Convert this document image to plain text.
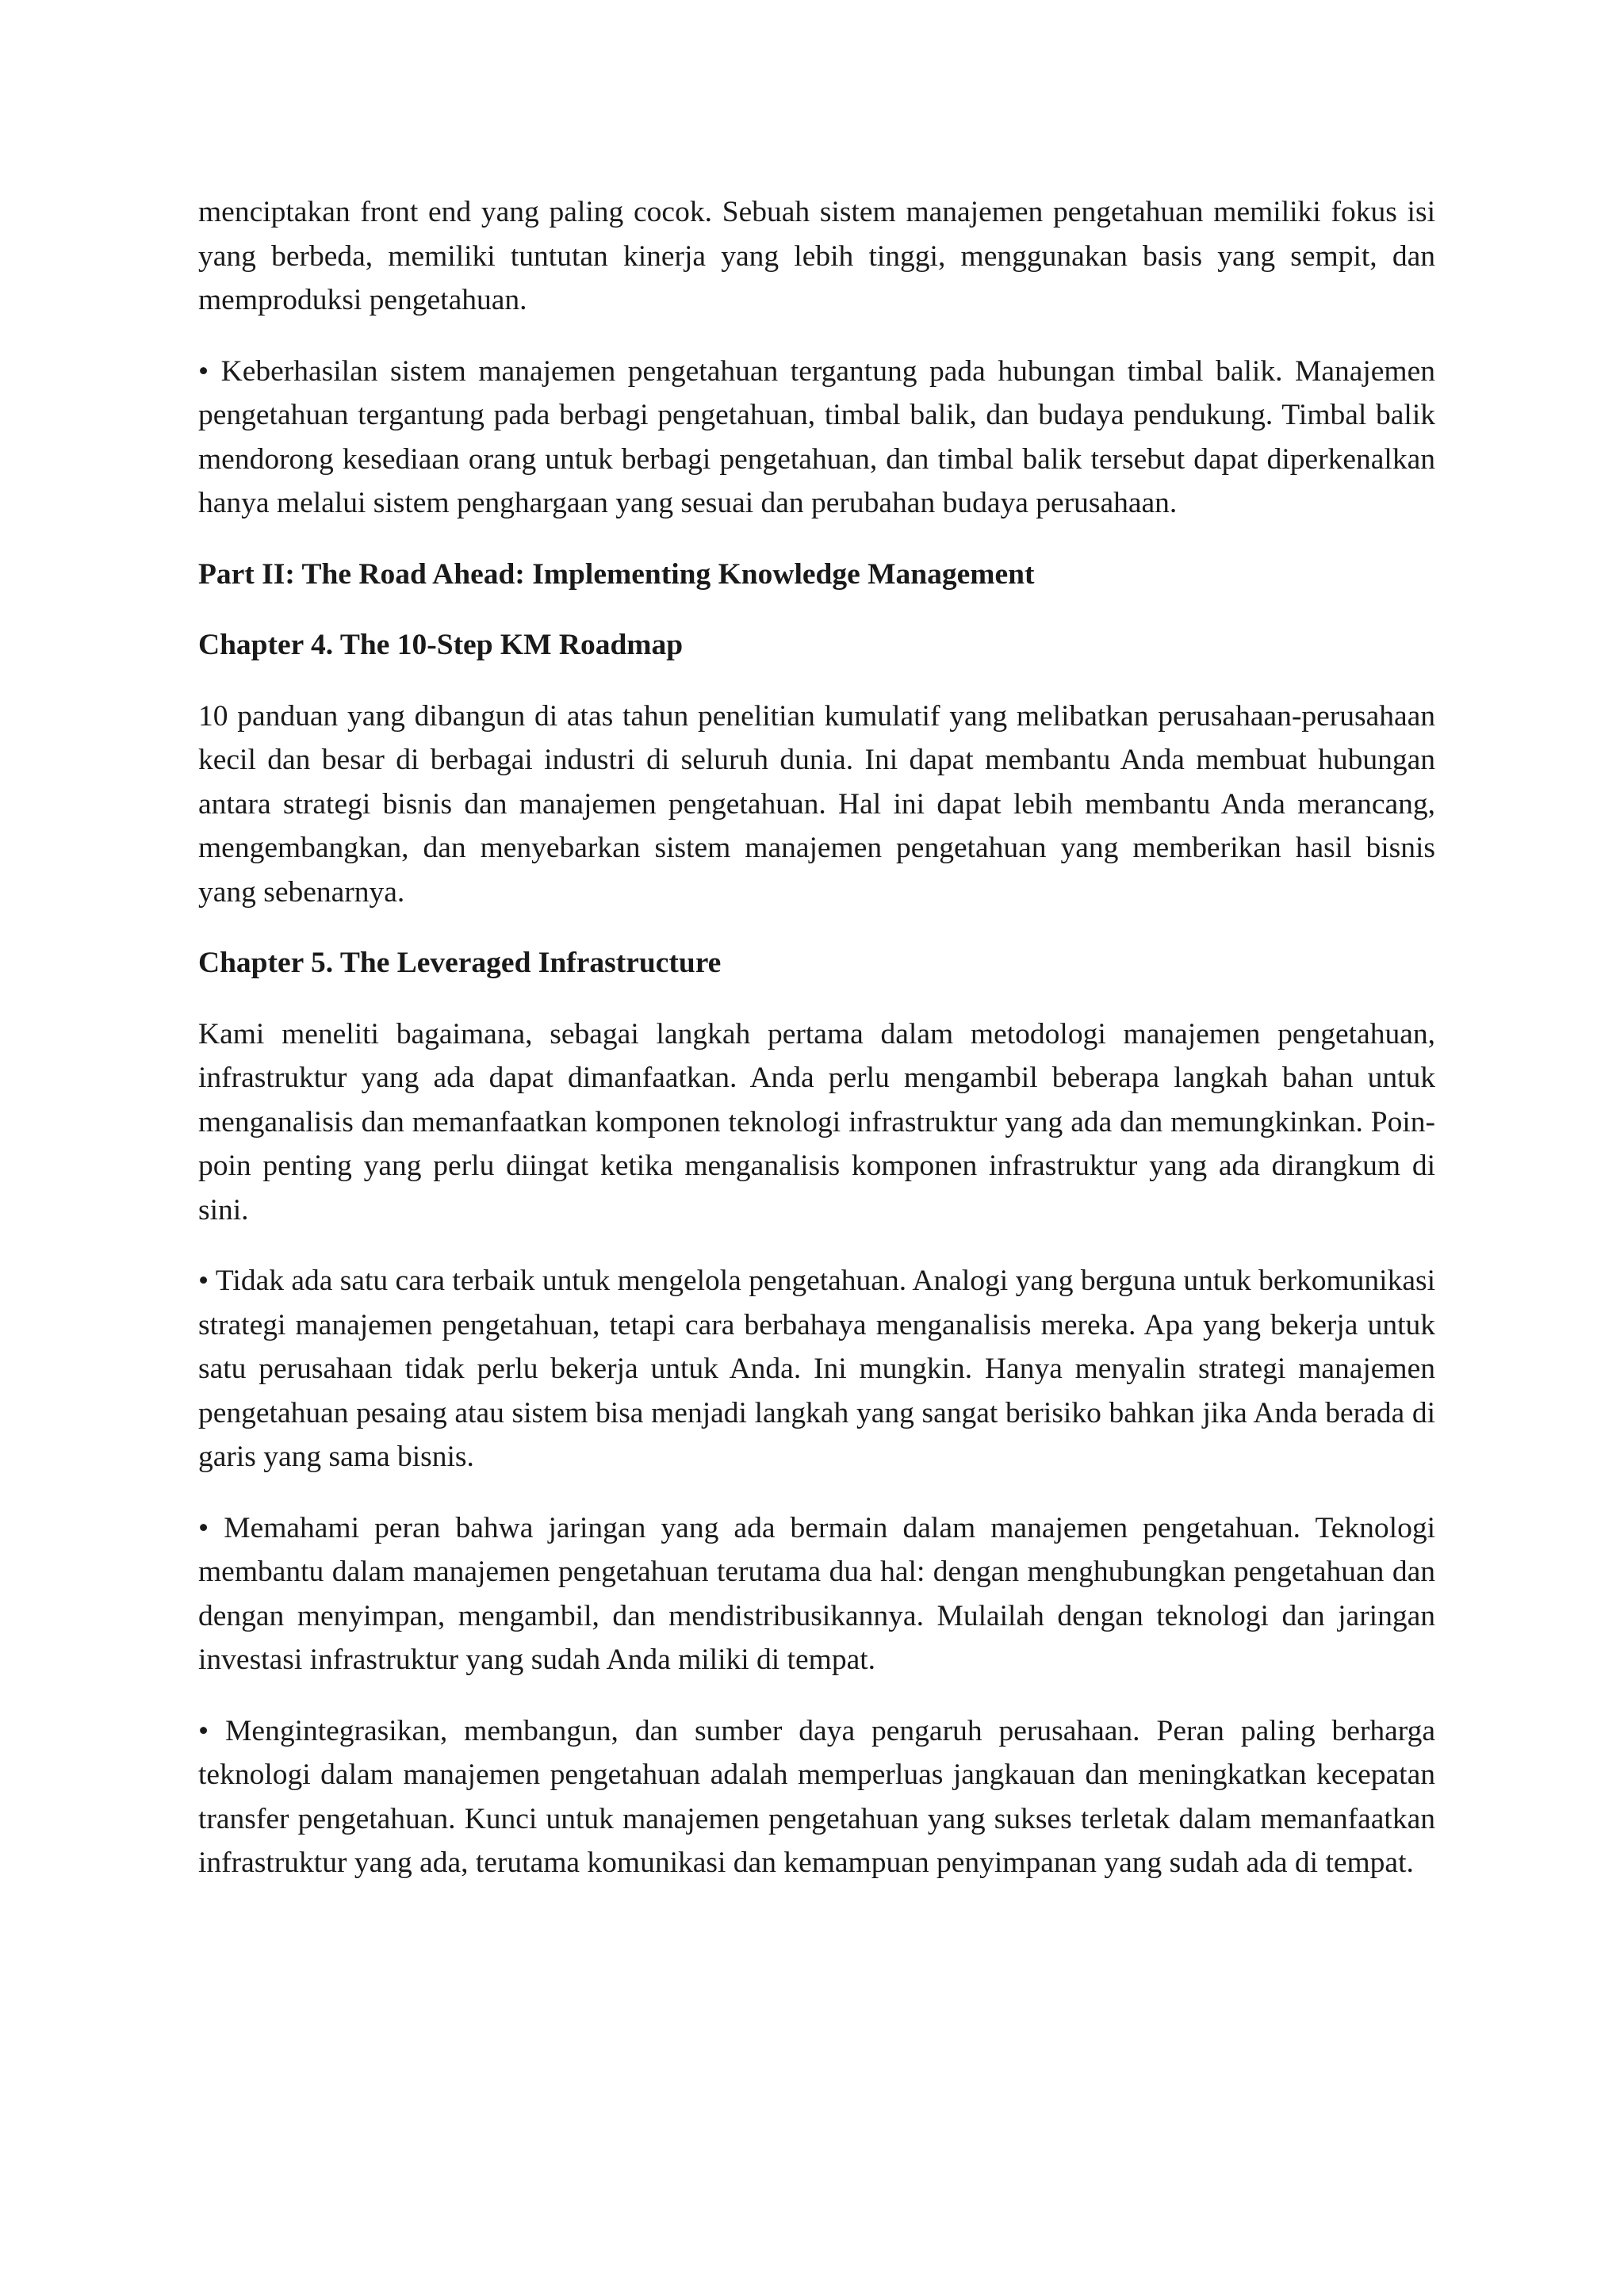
menciptakan front end yang paling cocok. Sebuah sistem manajemen pengetahuan memiliki fokus isi yang berbeda, memiliki tuntutan kinerja yang lebih tinggi, menggunakan basis yang sempit, dan memproduksi pengetahuan.

• Keberhasilan sistem manajemen pengetahuan tergantung pada hubungan timbal balik. Manajemen pengetahuan tergantung pada berbagi pengetahuan, timbal balik, dan budaya pendukung. Timbal balik mendorong kesediaan orang untuk berbagi pengetahuan, dan timbal balik tersebut dapat diperkenalkan hanya melalui sistem penghargaan yang sesuai dan perubahan budaya perusahaan.

Part II: The Road Ahead: Implementing Knowledge Management

Chapter 4. The 10-Step KM Roadmap

10 panduan yang dibangun di atas tahun penelitian kumulatif yang melibatkan perusahaan-perusahaan kecil dan besar di berbagai industri di seluruh dunia. Ini dapat membantu Anda membuat hubungan antara strategi bisnis dan manajemen pengetahuan. Hal ini dapat lebih membantu Anda merancang, mengembangkan, dan menyebarkan sistem manajemen pengetahuan yang memberikan hasil bisnis yang sebenarnya.

Chapter 5. The Leveraged Infrastructure

Kami meneliti bagaimana, sebagai langkah pertama dalam metodologi manajemen pengetahuan, infrastruktur yang ada dapat dimanfaatkan. Anda perlu mengambil beberapa langkah bahan untuk menganalisis dan memanfaatkan komponen teknologi infrastruktur yang ada dan memungkinkan. Poin-poin penting yang perlu diingat ketika menganalisis komponen infrastruktur yang ada dirangkum di sini.

• Tidak ada satu cara terbaik untuk mengelola pengetahuan. Analogi yang berguna untuk berkomunikasi strategi manajemen pengetahuan, tetapi cara berbahaya menganalisis mereka. Apa yang bekerja untuk satu perusahaan tidak perlu bekerja untuk Anda. Ini mungkin. Hanya menyalin strategi manajemen pengetahuan pesaing atau sistem bisa menjadi langkah yang sangat berisiko bahkan jika Anda berada di garis yang sama bisnis.

• Memahami peran bahwa jaringan yang ada bermain dalam manajemen pengetahuan. Teknologi membantu dalam manajemen pengetahuan terutama dua hal: dengan menghubungkan pengetahuan dan dengan menyimpan, mengambil, dan mendistribusikannya. Mulailah dengan teknologi dan jaringan investasi infrastruktur yang sudah Anda miliki di tempat.

• Mengintegrasikan, membangun, dan sumber daya pengaruh perusahaan. Peran paling berharga teknologi dalam manajemen pengetahuan adalah memperluas jangkauan dan meningkatkan kecepatan transfer pengetahuan. Kunci untuk manajemen pengetahuan yang sukses terletak dalam memanfaatkan infrastruktur yang ada, terutama komunikasi dan kemampuan penyimpanan yang sudah ada di tempat.
